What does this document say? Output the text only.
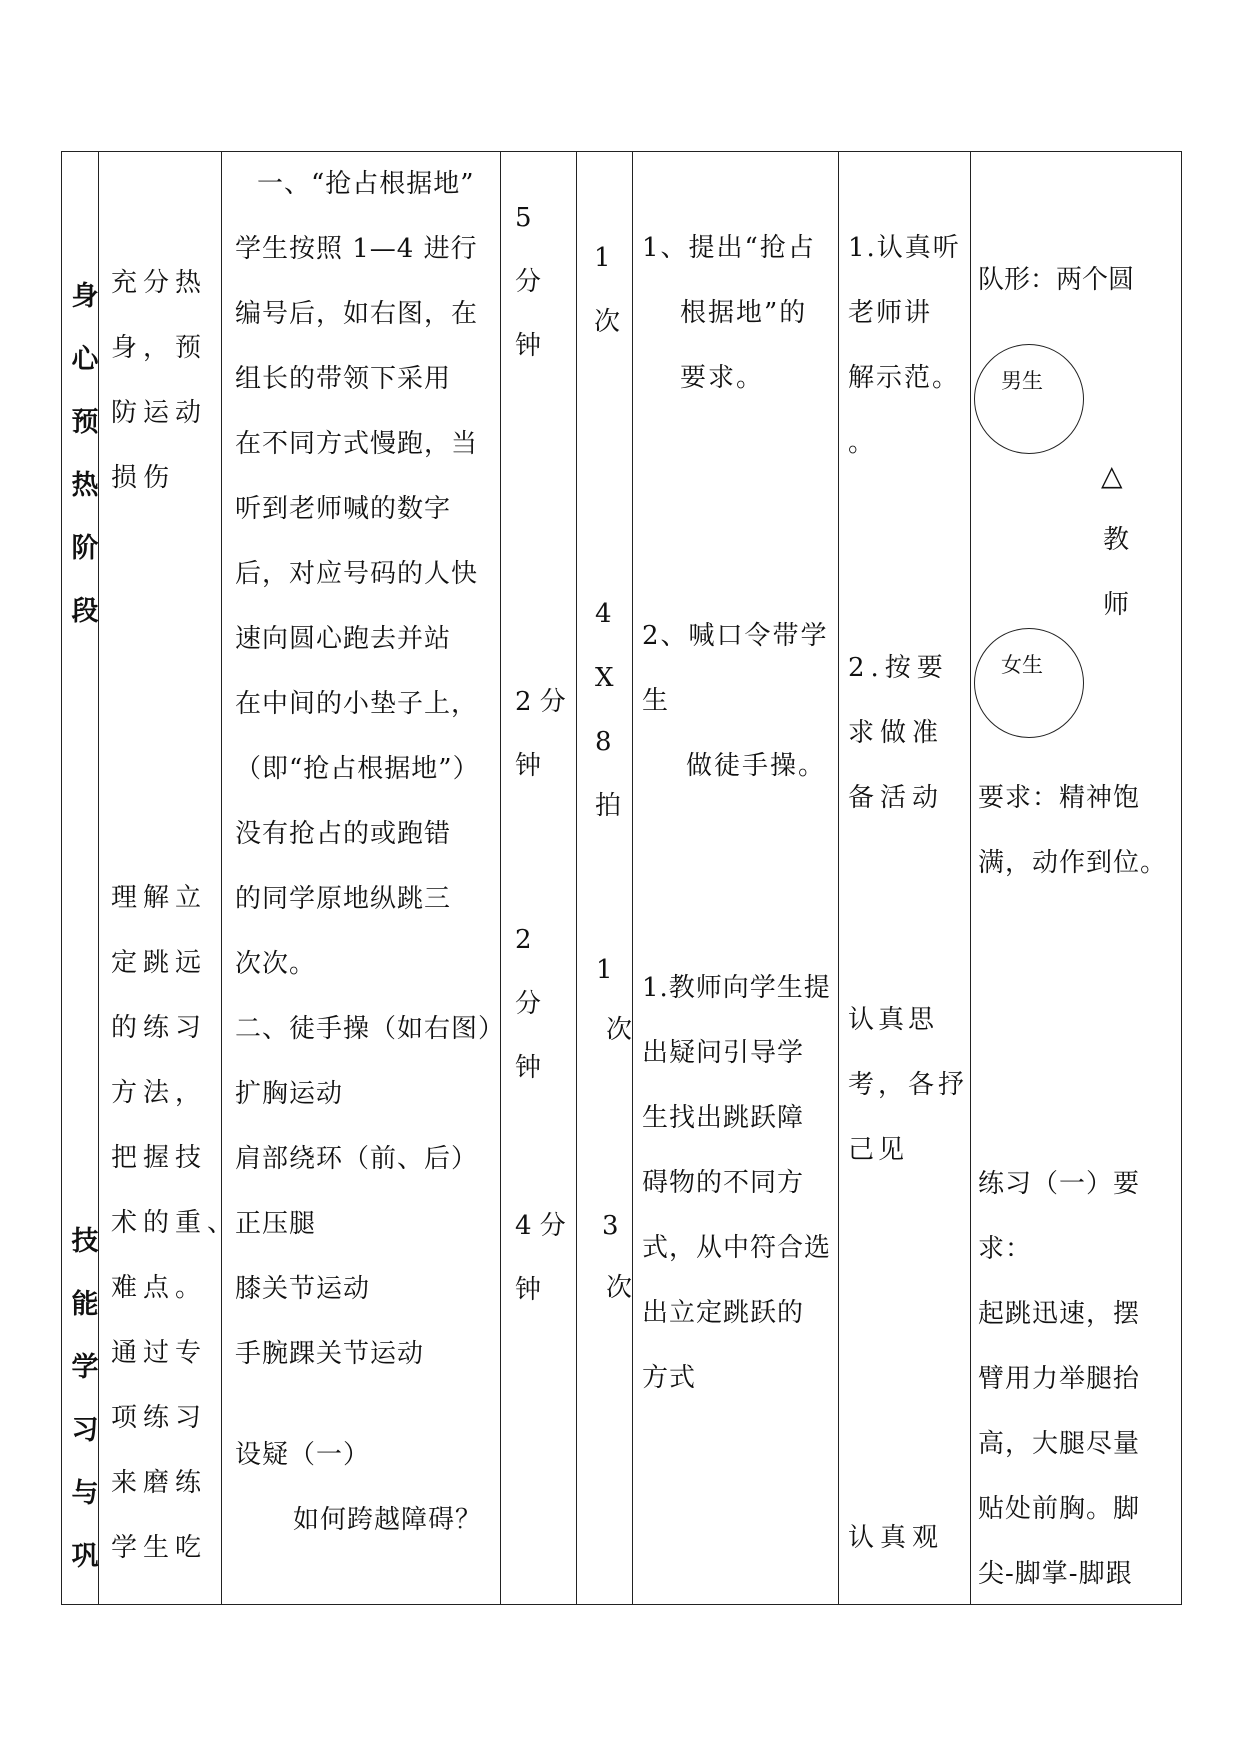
身
心
预
热
阶
段
技
能
学
习
与
巩
充分热
身，预
防运动
损伤
理解立
定跳远
的练习
方法，
把握技
术的重、
难点。
通过专
项练习
来磨练
学生吃
一、“抢占根据地”
学生按照 1—4 进行
编号后，如右图，在
组长的带领下采用
在不同方式慢跑，当
听到老师喊的数字
后，对应号码的人快
速向圆心跑去并站
在中间的小垫子上，
（即“抢占根据地”）
没有抢占的或跑错
的同学原地纵跳三
次次。
二、徒手操（如右图）
扩胸运动
肩部绕环（前、后）
正压腿
膝关节运动
手腕踝关节运动
设疑（一）
如何跨越障碍？
5
分
钟
2 分
钟
2
分
钟
4 分
钟
1
次
4
X
8
拍
1
次
3
次
1、提出“抢占
根据地”的
要求。
2、喊口令带学
生
做徒手操。
1.教师向学生提
出疑问引导学
生找出跳跃障
碍物的不同方
式，从中符合选
出立定跳跃的
方式
1.认真听
老师讲
解示范。
。
2.按要
求做准
备活动
认真思
考，各抒
己见
认真观
队形：两个圆
男生
△
教
师
女生
要求：精神饱
满，动作到位。
练习（一）要
求：
起跳迅速，摆
臂用力举腿抬
高，大腿尽量
贴处前胸。脚
尖-脚掌-脚跟
